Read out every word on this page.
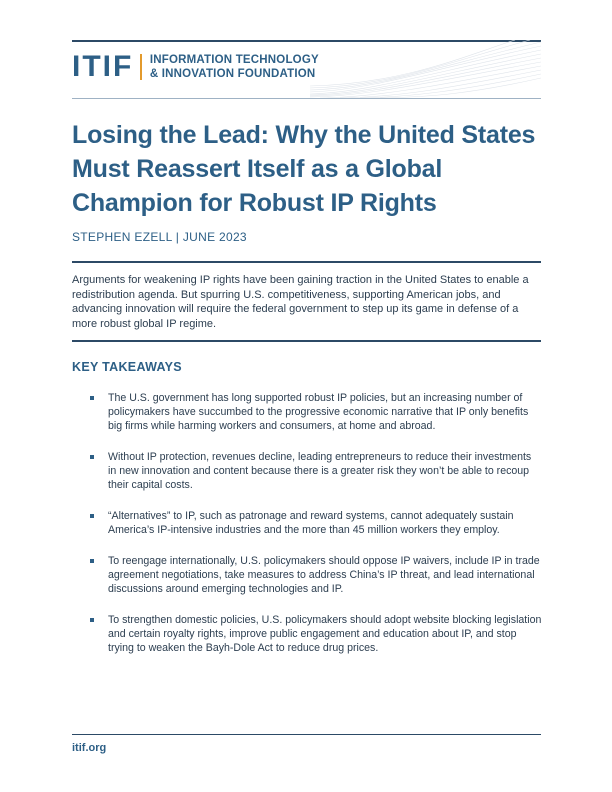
ITIF INFORMATION TECHNOLOGY
& INNOVATION FOUNDATION
Losing the Lead: Why the United States Must Reassert Itself as a Global Champion for Robust IP Rights
STEPHEN EZELL | JUNE 2023

Arguments for weakening IP rights have been gaining traction in the United States to enable a redistribution agenda. But spurring U.S. competitiveness, supporting American jobs, and advancing innovation will require the federal government to step up its game in defense of a more robust global IP regime.

KEY TAKEAWAYS
The U.S. government has long supported robust IP policies, but an increasing number of policymakers have succumbed to the progressive economic narrative that IP only benefits big firms while harming workers and consumers, at home and abroad.
Without IP protection, revenues decline, leading entrepreneurs to reduce their investments in new innovation and content because there is a greater risk they won’t be able to recoup their capital costs.
“Alternatives” to IP, such as patronage and reward systems, cannot adequately sustain America’s IP-intensive industries and the more than 45 million workers they employ.
To reengage internationally, U.S. policymakers should oppose IP waivers, include IP in trade agreement negotiations, take measures to address China’s IP threat, and lead international discussions around emerging technologies and IP.
To strengthen domestic policies, U.S. policymakers should adopt website blocking legislation and certain royalty rights, improve public engagement and education about IP, and stop trying to weaken the Bayh-Dole Act to reduce drug prices.
itif.org
